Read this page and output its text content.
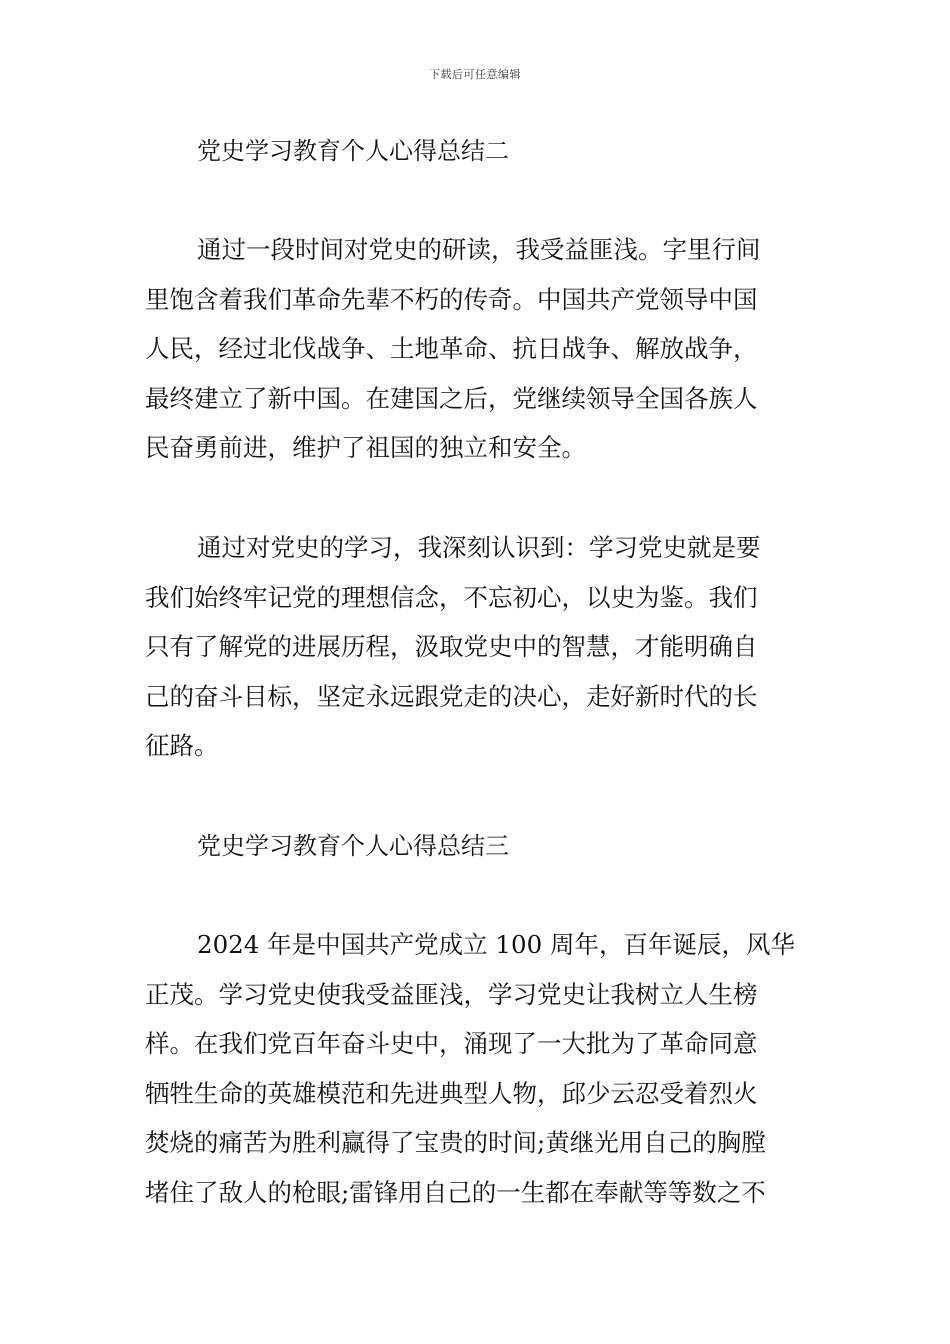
下载后可任意编辑
党史学习教育个人心得总结二
通过一段时间对党史的研读，我受益匪浅。字里行间
里饱含着我们革命先辈不朽的传奇。中国共产党领导中国
人民，经过北伐战争、土地革命、抗日战争、解放战争，
最终建立了新中国。在建国之后，党继续领导全国各族人
民奋勇前进，维护了祖国的独立和安全。
通过对党史的学习，我深刻认识到：学习党史就是要
我们始终牢记党的理想信念，不忘初心，以史为鉴。我们
只有了解党的进展历程，汲取党史中的智慧，才能明确自
己的奋斗目标，坚定永远跟党走的决心，走好新时代的长
征路。
党史学习教育个人心得总结三
2024 年是中国共产党成立 100 周年，百年诞辰，风华
正茂。学习党史使我受益匪浅，学习党史让我树立人生榜
样。在我们党百年奋斗史中，涌现了一大批为了革命同意
牺牲生命的英雄模范和先进典型人物，邱少云忍受着烈火
焚烧的痛苦为胜利赢得了宝贵的时间;黄继光用自己的胸膛
堵住了敌人的枪眼;雷锋用自己的一生都在奉献等等数之不
